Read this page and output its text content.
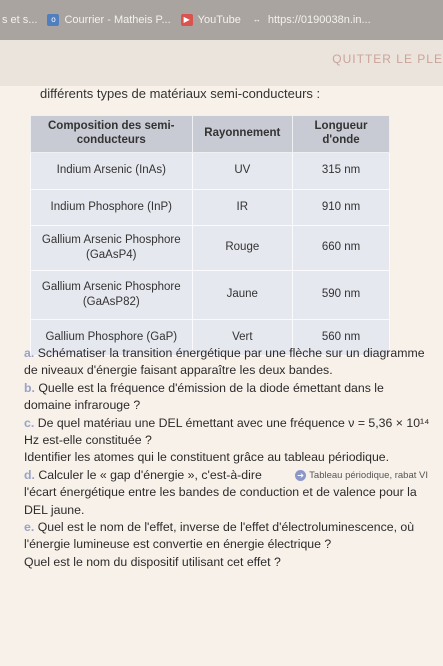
s et s...	o Courrier - Matheis P...	▶ YouTube ↔ https://0190038n.in...
QUITTER LE PLE
différents types de matériaux semi-conducteurs :
Composition des semi-conducteurs	Rayonnement	Longueur d'onde
Indium Arsenic (InAs)	UV	315 nm
Indium Phosphore (InP)	IR	910 nm
Gallium Arsenic Phosphore (GaAsP4)	Rouge	660 nm
Gallium Arsenic Phosphore (GaAsP82)	Jaune	590 nm
Gallium Phosphore (GaP)	Vert	560 nm

a. Schématiser la transition énergétique par une flèche sur un diagramme de niveaux d'énergie faisant apparaître les deux bandes.

b. Quelle est la fréquence d'émission de la diode émettant dans le domaine infrarouge ?

c. De quel matériau une DEL émettant avec une fréquence ν = 5,36 × 10¹⁴ Hz est-elle constituée ?

Identifier les atomes qui le constituent grâce au tableau périodique.
➔ Tableau périodique, rabat VI

d. Calculer le « gap d'énergie », c'est-à-dire l'écart énergétique entre les bandes de conduction et de valence pour la DEL jaune.

e. Quel est le nom de l'effet, inverse de l'effet d'électroluminescence, où l'énergie lumineuse est convertie en énergie électrique ?

Quel est le nom du dispositif utilisant cet effet ?
